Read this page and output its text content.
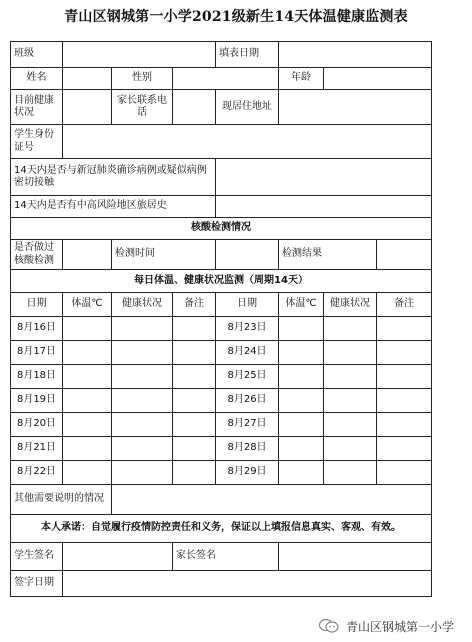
青山区钢城第一小学2021级新生14天体温健康监测表
班级				填表日期			
姓名		性别			年龄		
目前健康状况		家长联系电话		现居住地址			
学生身份证号							
14天内是否与新冠肺炎确诊病例或疑似病例密切接触							
14天内是否有中高风险地区旅居史							
核酸检测情况							
是否做过核酸检测		检测时间			检测结果		
每日体温、健康状况监测（周期14天）							
日期	体温℃	健康状况	备注	日期	体温℃	健康状况	备注
8月16日				8月23日			
8月17日				8月24日			
8月18日				8月25日			
8月19日				8月26日			
8月20日				8月27日			
8月21日				8月28日			
8月22日				8月29日			
其他需要说明的情况							
本人承诺：自觉履行疫情防控责任和义务，保证以上填报信息真实、客观、有效。							
学生签名			家长签名				
签字日期							
青山区钢城第一小学
